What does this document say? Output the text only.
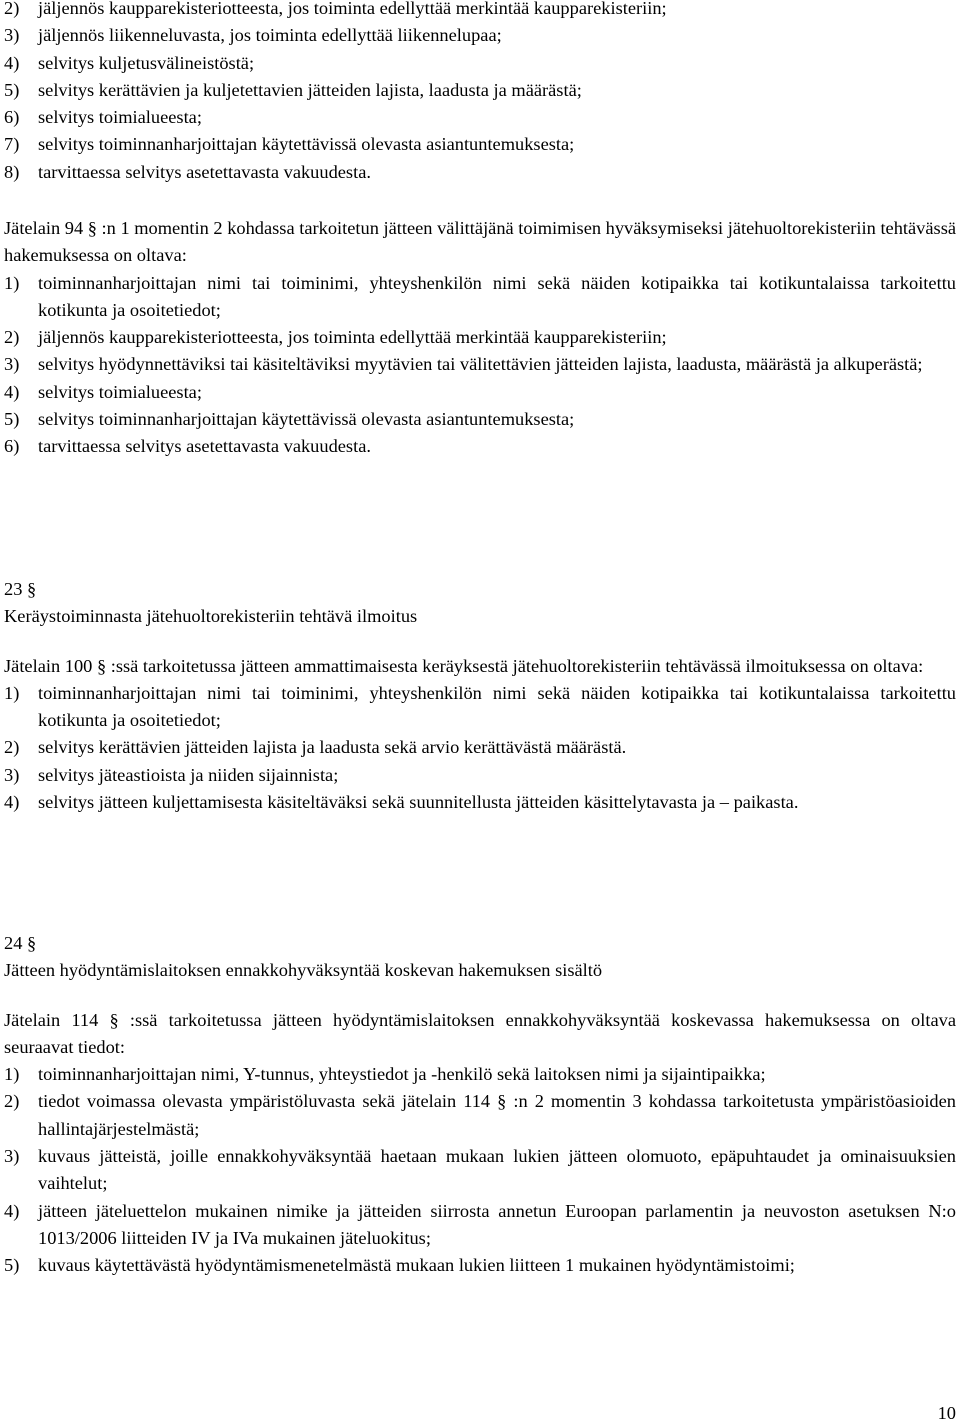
2)	jäljennös kaupparekisteriotteesta, jos toiminta edellyttää merkintää kaupparekisteriin;
3)	jäljennös liikenneluvasta, jos toiminta edellyttää liikennelupaa;
4)	selvitys kuljetusvälineistöstä;
5)	selvitys kerättävien ja kuljetettavien jätteiden lajista, laadusta ja määrästä;
6)	selvitys toimialueesta;
7)	selvitys toiminnanharjoittajan käytettävissä olevasta asiantuntemuksesta;
8)	tarvittaessa selvitys asetettavasta vakuudesta.

Jätelain 94 § :n 1 momentin 2 kohdassa tarkoitetun jätteen välittäjänä toimimisen hyväksymiseksi jätehuoltorekisteriin tehtävässä hakemuksessa on oltava:

1)	toiminnanharjoittajan nimi tai toiminimi, yhteyshenkilön nimi sekä näiden kotipaikka tai kotikuntalaissa tarkoitettu kotikunta ja osoitetiedot;
2)	jäljennös kaupparekisteriotteesta, jos toiminta edellyttää merkintää kaupparekisteriin;
3)	selvitys hyödynnettäviksi tai käsiteltäviksi myytävien tai välitettävien jätteiden lajista, laadusta, määrästä ja alkuperästä;
4)	selvitys toimialueesta;
5)	selvitys toiminnanharjoittajan käytettävissä olevasta asiantuntemuksesta;
6)	tarvittaessa selvitys asetettavasta vakuudesta.

23 §

Keräystoiminnasta jätehuoltorekisteriin tehtävä ilmoitus

Jätelain 100 § :ssä tarkoitetussa jätteen ammattimaisesta keräyksestä jätehuoltorekisteriin tehtävässä ilmoituksessa on oltava:

1)	toiminnanharjoittajan nimi tai toiminimi, yhteyshenkilön nimi sekä näiden kotipaikka tai kotikuntalaissa tarkoitettu kotikunta ja osoitetiedot;
2)	selvitys kerättävien jätteiden lajista ja laadusta sekä arvio kerättävästä määrästä.
3)	selvitys jäteastioista ja niiden sijainnista;
4)	selvitys jätteen kuljettamisesta käsiteltäväksi sekä suunnitellusta jätteiden käsittelytavasta ja – paikasta.

24 §

Jätteen hyödyntämislaitoksen ennakkohyväksyntää koskevan hakemuksen sisältö

Jätelain 114 § :ssä tarkoitetussa jätteen hyödyntämislaitoksen ennakkohyväksyntää koskevassa hakemuksessa on oltava seuraavat tiedot:

1)	toiminnanharjoittajan nimi, Y-tunnus, yhteystiedot ja -henkilö sekä laitoksen nimi ja sijaintipaikka;
2)	tiedot voimassa olevasta ympäristöluvasta sekä jätelain 114 § :n 2 momentin 3 kohdassa tarkoitetusta ympäristöasioiden hallintajärjestelmästä;
3)	kuvaus jätteistä, joille ennakkohyväksyntää haetaan mukaan lukien jätteen olomuoto, epäpuhtaudet ja ominaisuuksien vaihtelut;
4)	jätteen jäteluettelon mukainen nimike ja jätteiden siirrosta annetun Euroopan parlamentin ja neuvoston asetuksen N:o 1013/2006 liitteiden IV ja IVa mukainen jäteluokitus;
5)	kuvaus käytettävästä hyödyntämismenetelmästä mukaan lukien liitteen 1 mukainen hyödyntämistoimi;
10
